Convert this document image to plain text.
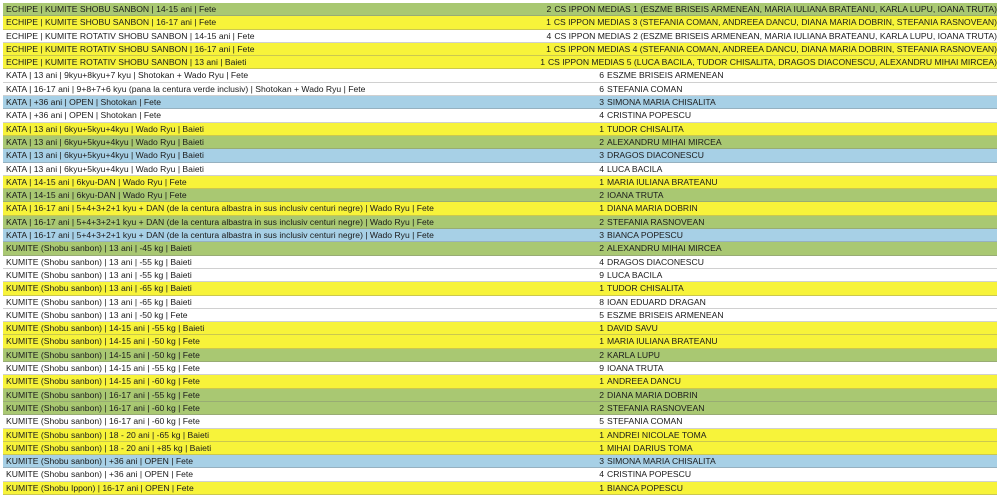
ECHIPE | KUMITE SHOBU SANBON | 14-15 ani | Fete	2 CS IPPON MEDIAS 1 (ESZME BRISEIS ARMENEAN, MARIA IULIANA BRATEANU, KARLA LUPU, IOANA TRUTA)
ECHIPE | KUMITE SHOBU SANBON | 16-17 ani | Fete	1 CS IPPON MEDIAS 3 (STEFANIA COMAN, ANDREEA DANCU, DIANA MARIA DOBRIN, STEFANIA RASNOVEAN)
ECHIPE | KUMITE ROTATIV SHOBU SANBON | 14-15 ani | Fete	4 CS IPPON MEDIAS 2 (ESZME BRISEIS ARMENEAN, MARIA IULIANA BRATEANU, KARLA LUPU, IOANA TRUTA)
ECHIPE | KUMITE ROTATIV SHOBU SANBON | 16-17 ani | Fete	1 CS IPPON MEDIAS 4 (STEFANIA COMAN, ANDREEA DANCU, DIANA MARIA DOBRIN, STEFANIA RASNOVEAN)
ECHIPE | KUMITE ROTATIV SHOBU SANBON | 13 ani | Baieti	1 CS IPPON MEDIAS 5 (LUCA BACILA, TUDOR CHISALITA, DRAGOS DIACONESCU, ALEXANDRU MIHAI MIRCEA)
KATA | 13 ani | 9kyu+8kyu+7 kyu | Shotokan + Wado Ryu | Fete	6 ESZME BRISEIS ARMENEAN
KATA | 16-17 ani | 9+8+7+6 kyu (pana la centura verde inclusiv) | Shotokan + Wado Ryu | Fete	6 STEFANIA COMAN
KATA | +36 ani | OPEN | Shotokan | Fete	3 SIMONA MARIA CHISALITA
KATA | +36 ani | OPEN | Shotokan | Fete	4 CRISTINA POPESCU
KATA | 13 ani | 6kyu+5kyu+4kyu | Wado Ryu | Baieti	1 TUDOR CHISALITA
KATA | 13 ani | 6kyu+5kyu+4kyu | Wado Ryu | Baieti	2 ALEXANDRU MIHAI MIRCEA
KATA | 13 ani | 6kyu+5kyu+4kyu | Wado Ryu | Baieti	3 DRAGOS DIACONESCU
KATA | 13 ani | 6kyu+5kyu+4kyu | Wado Ryu | Baieti	4 LUCA BACILA
KATA | 14-15 ani | 6kyu-DAN | Wado Ryu | Fete	1 MARIA IULIANA BRATEANU
KATA | 14-15 ani | 6kyu-DAN | Wado Ryu | Fete	2 IOANA TRUTA
KATA | 16-17 ani | 5+4+3+2+1 kyu + DAN (de la centura albastra in sus inclusiv centuri negre) | Wado Ryu | Fete	1 DIANA MARIA DOBRIN
KATA | 16-17 ani | 5+4+3+2+1 kyu + DAN (de la centura albastra in sus inclusiv centuri negre) | Wado Ryu | Fete	2 STEFANIA RASNOVEAN
KATA | 16-17 ani | 5+4+3+2+1 kyu + DAN (de la centura albastra in sus inclusiv centuri negre) | Wado Ryu | Fete	3 BIANCA POPESCU
KUMITE (Shobu sanbon) | 13 ani | -45 kg | Baieti	2 ALEXANDRU MIHAI MIRCEA
KUMITE (Shobu sanbon) | 13 ani | -55 kg | Baieti	4 DRAGOS DIACONESCU
KUMITE (Shobu sanbon) | 13 ani | -55 kg | Baieti	9 LUCA BACILA
KUMITE (Shobu sanbon) | 13 ani | -65 kg | Baieti	1 TUDOR CHISALITA
KUMITE (Shobu sanbon) | 13 ani | -65 kg | Baieti	8 IOAN EDUARD DRAGAN
KUMITE (Shobu sanbon) | 13 ani | -50 kg | Fete	5 ESZME BRISEIS ARMENEAN
KUMITE (Shobu sanbon) | 14-15 ani | -55 kg | Baieti	1 DAVID SAVU
KUMITE (Shobu sanbon) | 14-15 ani | -50 kg | Fete	1 MARIA IULIANA BRATEANU
KUMITE (Shobu sanbon) | 14-15 ani | -50 kg | Fete	2 KARLA LUPU
KUMITE (Shobu sanbon) | 14-15 ani | -55 kg | Fete	9 IOANA TRUTA
KUMITE (Shobu sanbon) | 14-15 ani | -60 kg | Fete	1 ANDREEA DANCU
KUMITE (Shobu sanbon) | 16-17 ani | -55 kg | Fete	2 DIANA MARIA DOBRIN
KUMITE (Shobu sanbon) | 16-17 ani | -60 kg | Fete	2 STEFANIA RASNOVEAN
KUMITE (Shobu sanbon) | 16-17 ani | -60 kg | Fete	5 STEFANIA COMAN
KUMITE (Shobu sanbon) | 18 - 20 ani | -65 kg | Baieti	1 ANDREI NICOLAE TOMA
KUMITE (Shobu sanbon) | 18 - 20 ani | +85 kg | Baieti	1 MIHAI DARIUS TOMA
KUMITE (Shobu sanbon) | +36 ani | OPEN | Fete	3 SIMONA MARIA CHISALITA
KUMITE (Shobu sanbon) | +36 ani | OPEN | Fete	4 CRISTINA POPESCU
KUMITE (Shobu Ippon) | 16-17 ani | OPEN | Fete	1 BIANCA POPESCU
